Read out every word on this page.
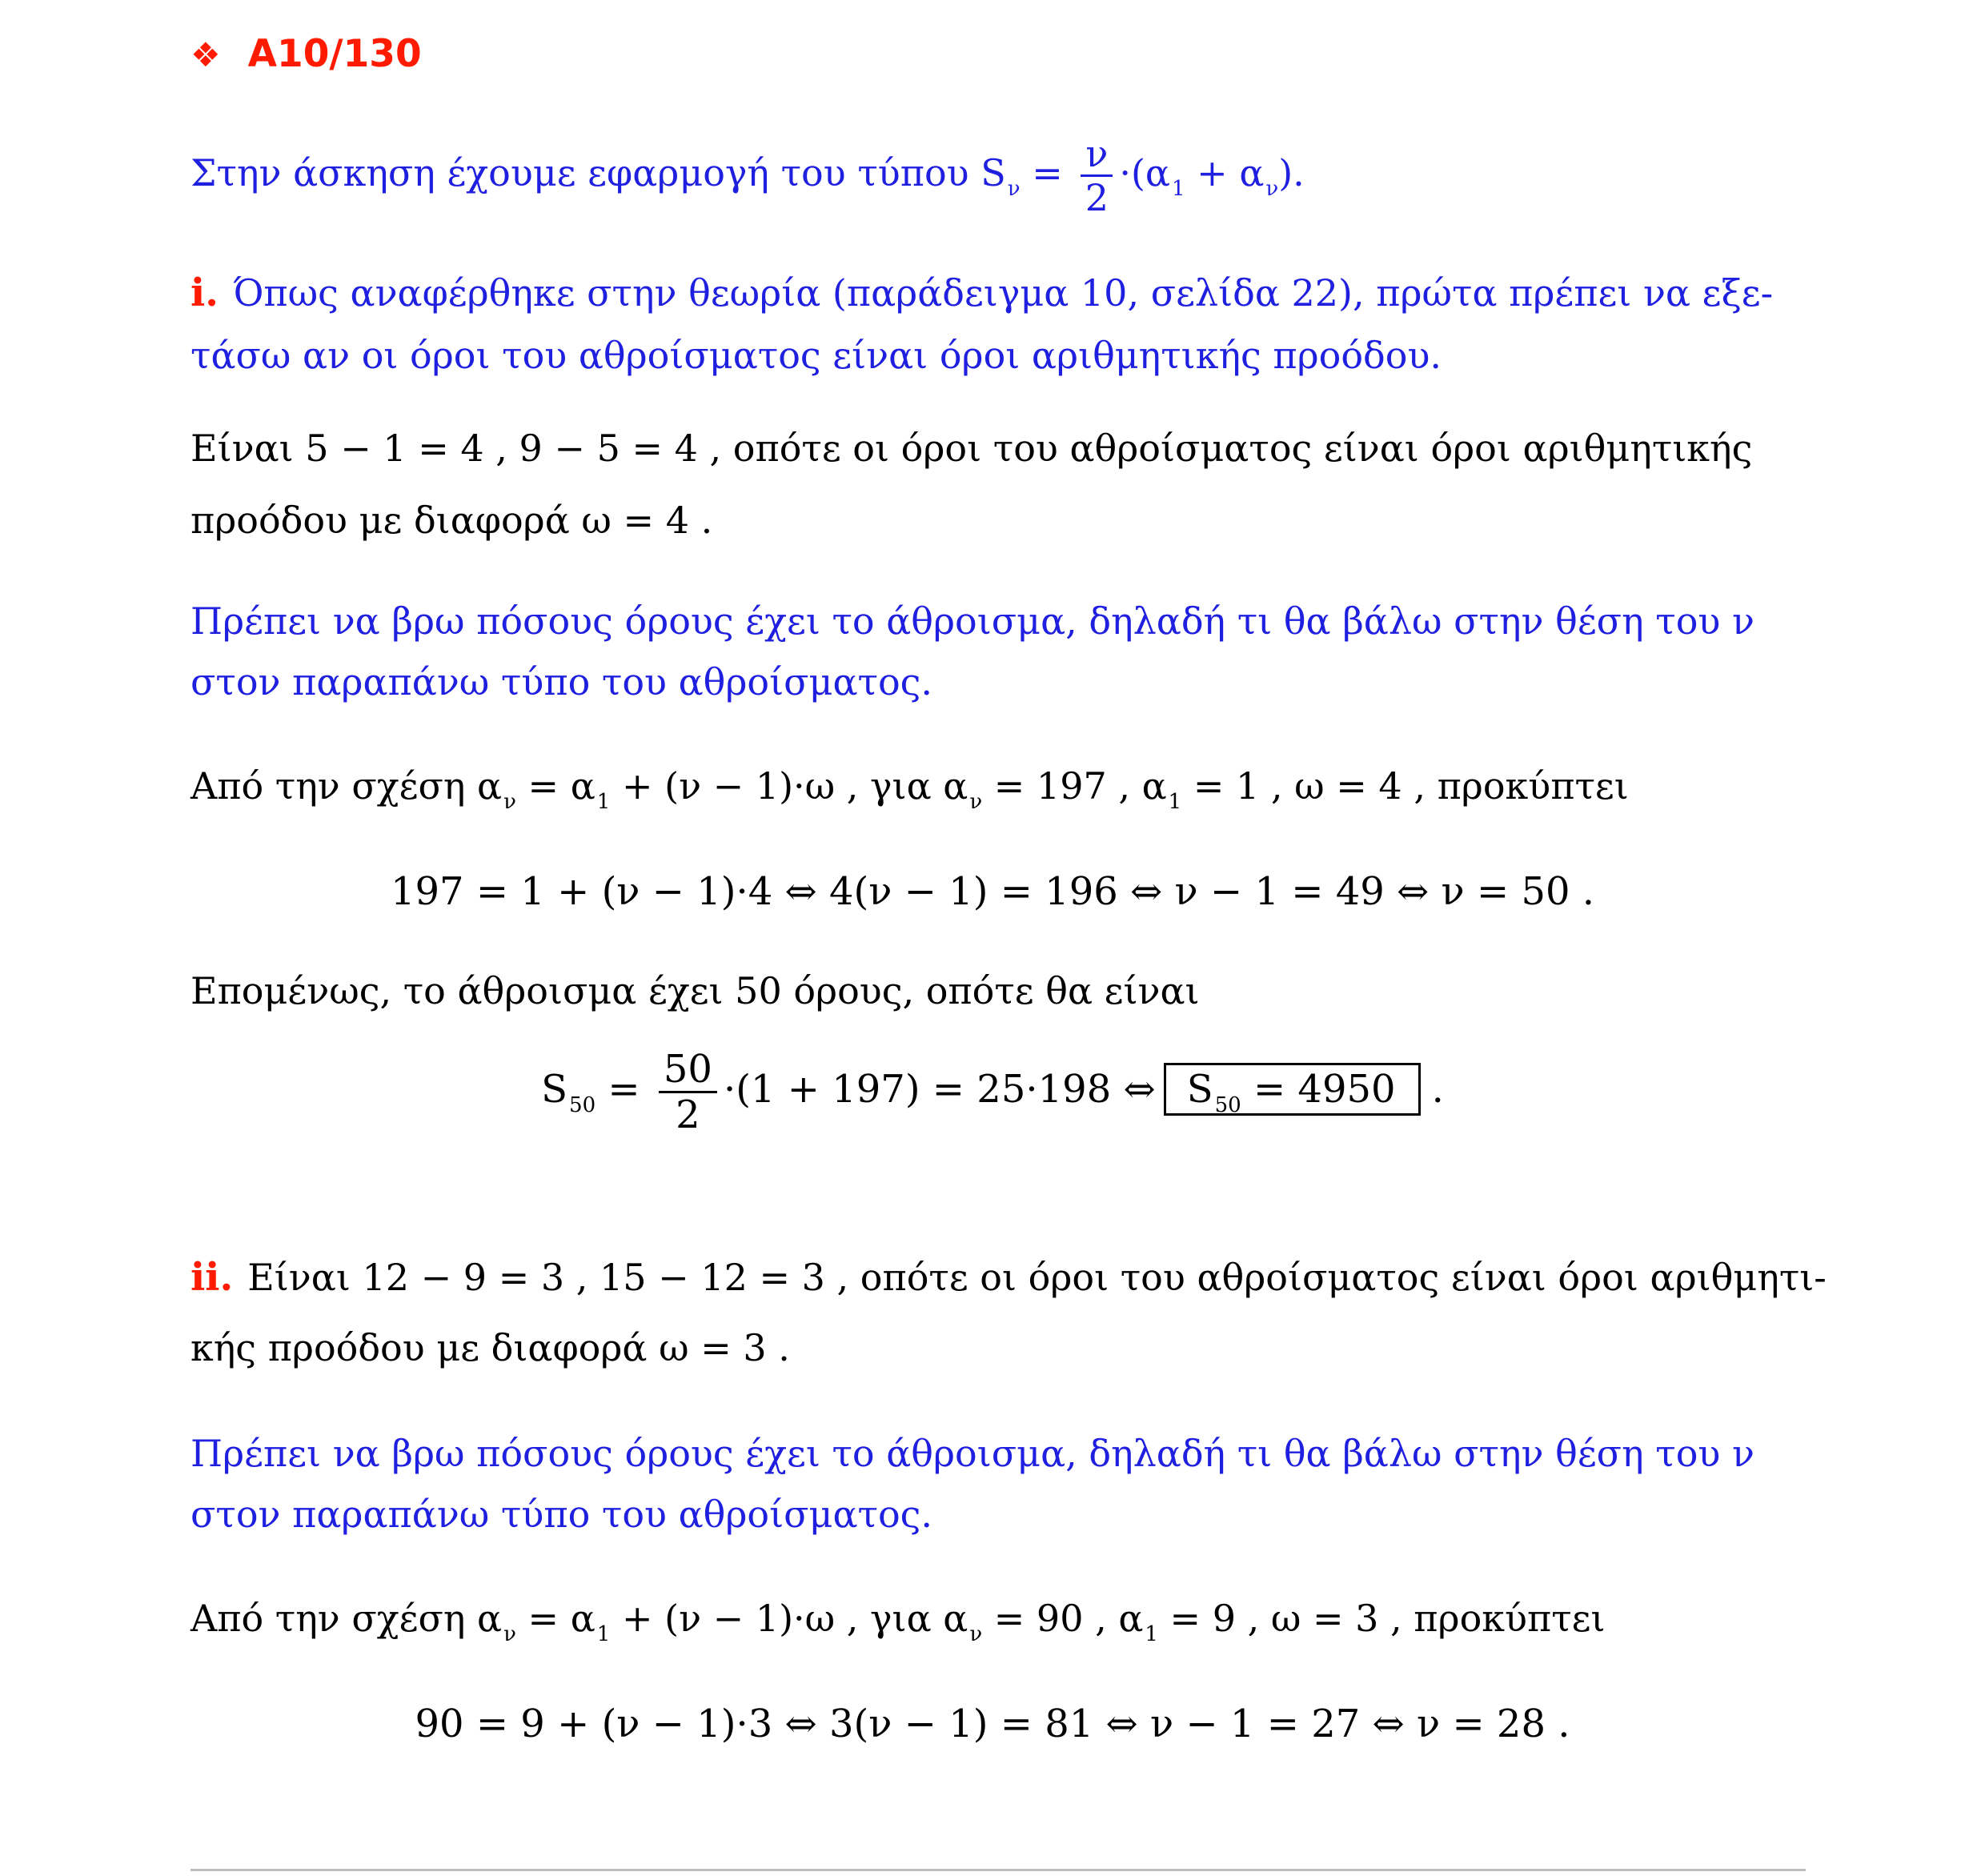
❖ Α10/130
Στην άσκηση έχουμε εφαρμογή του τύπου $S_\nu = \frac{\nu}{2} \cdot(\alpha_1 + \alpha_\nu)$.
i. Όπως αναφέρθηκε στην θεωρία (παράδειγμα 10, σελίδα 22), πρώτα πρέπει να εξε-
τάσω αν οι όροι του αθροίσματος είναι όροι αριθμητικής προόδου.
Είναι 5 − 1 = 4 , 9 − 5 = 4 , οπότε οι όροι του αθροίσματος είναι όροι αριθμητικής
προόδου με διαφορά ω = 4 .
Πρέπει να βρω πόσους όρους έχει το άθροισμα, δηλαδή τι θα βάλω στην θέση του ν
στον παραπάνω τύπο του αθροίσματος.
Από την σχέση $\alpha_\nu = \alpha_1 + (\nu - 1)\cdot\omega$ , για $\alpha_\nu = 197$ , $\alpha_1 = 1$ , ω = 4 , προκύπτει
197 = 1 + (ν − 1)·4 ⇔ 4(ν − 1) = 196 ⇔ ν − 1 = 49 ⇔ ν = 50 .
Επομένως, το άθροισμα έχει 50 όρους, οπότε θα είναι
$S_{50} = \frac{50}{2} \cdot(1 + 197) = 25\cdot 198$ ⇔ $S_{50} = 4950$ .
ii. Είναι 12 − 9 = 3 , 15 − 12 = 3 , οπότε οι όροι του αθροίσματος είναι όροι αριθμητι-
κής προόδου με διαφορά ω = 3 .
Πρέπει να βρω πόσους όρους έχει το άθροισμα, δηλαδή τι θα βάλω στην θέση του ν
στον παραπάνω τύπο του αθροίσματος.
Από την σχέση $\alpha_\nu = \alpha_1 + (\nu - 1)\cdot\omega$ , για $\alpha_\nu = 90$ , $\alpha_1 = 9$ , ω = 3 , προκύπτει
90 = 9 + (ν − 1)·3 ⇔ 3(ν − 1) = 81 ⇔ ν − 1 = 27 ⇔ ν = 28 .
